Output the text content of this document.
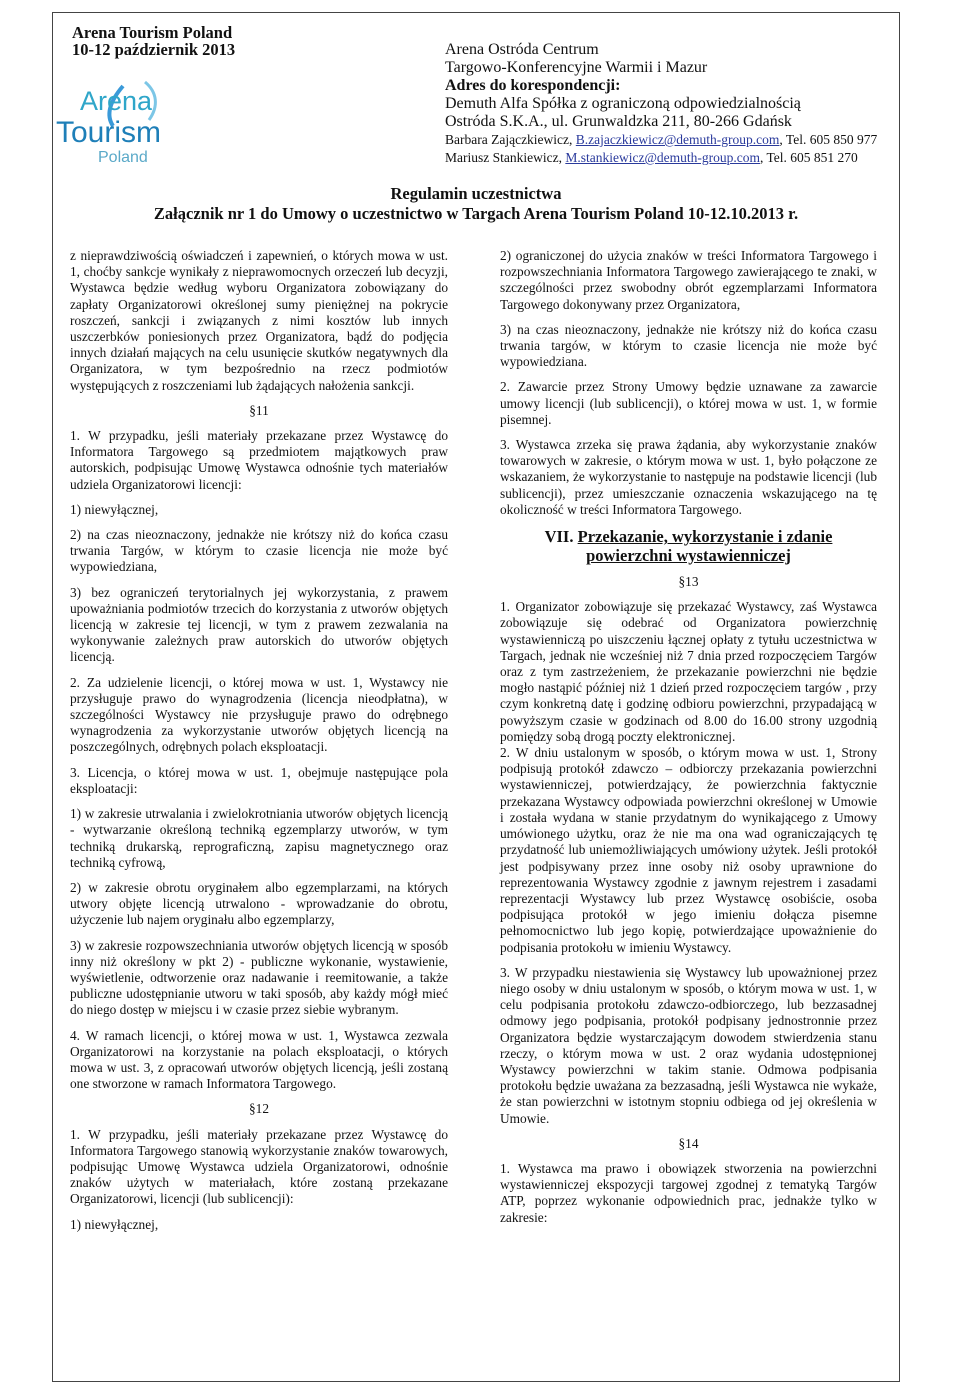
Arena Tourism Poland
10-12 październik 2013
Arena
Tourism
Poland
Arena Ostróda Centrum
Targowo-Konferencyjne Warmii i Mazur
Adres do korespondencji:
Demuth Alfa Spółka z ograniczoną odpowiedzialnością
Ostróda S.K.A., ul. Grunwaldzka 211, 80-266 Gdańsk
Barbara Zajączkiewicz, B.zajaczkiewicz@demuth-group.com, Tel. 605 850 977
Mariusz Stankiewicz, M.stankiewicz@demuth-group.com, Tel. 605 851 270
Regulamin uczestnictwa
Załącznik nr 1 do Umowy o uczestnictwo w Targach Arena Tourism Poland 10-12.10.2013 r.

z nieprawdziwością oświadczeń i zapewnień, o których mowa w ust. 1, choćby sankcje wynikały z nieprawomocnych orzeczeń lub decyzji, Wystawca będzie według wyboru Organizatora zobowiązany do zapłaty Organizatorowi określonej sumy pieniężnej na pokrycie roszczeń, sankcji i związanych z nimi kosztów lub innych uszczerbków poniesionych przez Organizatora, bądź do podjęcia innych działań mających na celu usunięcie skutków negatywnych dla Organizatora, w tym bezpośrednio na rzecz podmiotów występujących z roszczeniami lub żądających nałożenia sankcji.

§11

1. W przypadku, jeśli materiały przekazane przez Wystawcę do Informatora Targowego są przedmiotem majątkowych praw autorskich, podpisując Umowę Wystawca odnośnie tych materiałów udziela Organizatorowi licencji:

1) niewyłącznej,

2) na czas nieoznaczony, jednakże nie krótszy niż do końca czasu trwania Targów, w którym to czasie licencja nie może być wypowiedziana,

3) bez ograniczeń terytorialnych jej wykorzystania, z prawem upoważniania podmiotów trzecich do korzystania z utworów objętych licencją w zakresie tej licencji, w tym z prawem zezwalania na wykonywanie zależnych praw autorskich do utworów objętych licencją.

2. Za udzielenie licencji, o której mowa w ust. 1, Wystawcy nie przysługuje prawo do wynagrodzenia (licencja nieodpłatna), w szczególności Wystawcy nie przysługuje prawo do odrębnego wynagrodzenia za wykorzystanie utworów objętych licencją na poszczególnych, odrębnych polach eksploatacji.

3. Licencja, o której mowa w ust. 1, obejmuje następujące pola eksploatacji:

1) w zakresie utrwalania i zwielokrotniania utworów objętych licencją - wytwarzanie określoną techniką egzemplarzy utworów, w tym techniką drukarską, reprograficzną, zapisu magnetycznego oraz techniką cyfrową,

2) w zakresie obrotu oryginałem albo egzemplarzami, na których utwory objęte licencją utrwalono - wprowadzanie do obrotu, użyczenie lub najem oryginału albo egzemplarzy,

3) w zakresie rozpowszechniania utworów objętych licencją w sposób inny niż określony w pkt 2) - publiczne wykonanie, wystawienie, wyświetlenie, odtworzenie oraz nadawanie i reemitowanie, a także publiczne udostępnianie utworu w taki sposób, aby każdy mógł mieć do niego dostęp w miejscu i w czasie przez siebie wybranym.

4. W ramach licencji, o której mowa w ust. 1, Wystawca zezwala Organizatorowi na korzystanie na polach eksploatacji, o których mowa w ust. 3, z opracowań utworów objętych licencją, jeśli zostaną one stworzone w ramach Informatora Targowego.

§12

1. W przypadku, jeśli materiały przekazane przez Wystawcę do Informatora Targowego stanowią wykorzystanie znaków towarowych, podpisując Umowę Wystawca udziela Organizatorowi, odnośnie znaków użytych w materiałach, które zostaną przekazane Organizatorowi, licencji (lub sublicencji):

1) niewyłącznej,

2) ograniczonej do użycia znaków w treści Informatora Targowego i rozpowszechniania Informatora Targowego zawierającego te znaki, w szczególności przez swobodny obrót egzemplarzami Informatora Targowego dokonywany przez Organizatora,

3) na czas nieoznaczony, jednakże nie krótszy niż do końca czasu trwania targów, w którym to czasie licencja nie może być wypowiedziana.

2. Zawarcie przez Strony Umowy będzie uznawane za zawarcie umowy licencji (lub sublicencji), o której mowa w ust. 1, w formie pisemnej.

3. Wystawca zrzeka się prawa żądania, aby wykorzystanie znaków towarowych w zakresie, o którym mowa w ust. 1, było połączone ze wskazaniem, że wykorzystanie to następuje na podstawie licencji (lub sublicencji), przez umieszczanie oznaczenia wskazującego na tę okoliczność w treści Informatora Targowego.

VII. Przekazanie, wykorzystanie i zdanie powierzchni wystawienniczej
§13

1. Organizator zobowiązuje się przekazać Wystawcy, zaś Wystawca zobowiązuje się odebrać od Organizatora powierzchnię wystawienniczą po uiszczeniu łącznej opłaty z tytułu uczestnictwa w Targach, jednak nie wcześniej niż 7 dnia przed rozpoczęciem Targów oraz z tym zastrzeżeniem, że przekazanie powierzchni nie będzie mogło nastąpić później niż 1 dzień przed rozpoczęciem targów , przy czym konkretną datę i godzinę odbioru powierzchni, przypadającą w powyższym czasie w godzinach od 8.00 do 16.00 strony uzgodnią pomiędzy sobą drogą poczty elektronicznej.

2. W dniu ustalonym w sposób, o którym mowa w ust. 1, Strony podpisują protokół zdawczo – odbiorczy przekazania powierzchni wystawienniczej, potwierdzający, że powierzchnia faktycznie przekazana Wystawcy odpowiada powierzchni określonej w Umowie i została wydana w stanie przydatnym do wynikającego z Umowy umówionego użytku, oraz że nie ma ona wad ograniczających tę przydatność lub uniemożliwiających umówiony użytek. Jeśli protokół jest podpisywany przez inne osoby niż osoby uprawnione do reprezentowania Wystawcy zgodnie z jawnym rejestrem i zasadami reprezentacji Wystawcy lub przez Wystawcę osobiście, osoba podpisująca protokół w jego imieniu dołącza pisemne pełnomocnictwo lub jego kopię, potwierdzające upoważnienie do podpisania protokołu w imieniu Wystawcy.

3. W przypadku niestawienia się Wystawcy lub upoważnionej przez niego osoby w dniu ustalonym w sposób, o którym mowa w ust. 1, w celu podpisania protokołu zdawczo-odbiorczego, lub bezzasadnej odmowy jego podpisania, protokół podpisany jednostronnie przez Organizatora będzie wystarczającym dowodem stwierdzenia stanu rzeczy, o którym mowa w ust. 2 oraz wydania udostępnionej Wystawcy powierzchni w takim stanie. Odmowa podpisania protokołu będzie uważana za bezzasadną, jeśli Wystawca nie wykaże, że stan powierzchni w istotnym stopniu odbiega od jej określenia w Umowie.

§14

1. Wystawca ma prawo i obowiązek stworzenia na powierzchni wystawienniczej ekspozycji targowej zgodnej z tematyką Targów ATP, poprzez wykonanie odpowiednich prac, jednakże tylko w zakresie:
